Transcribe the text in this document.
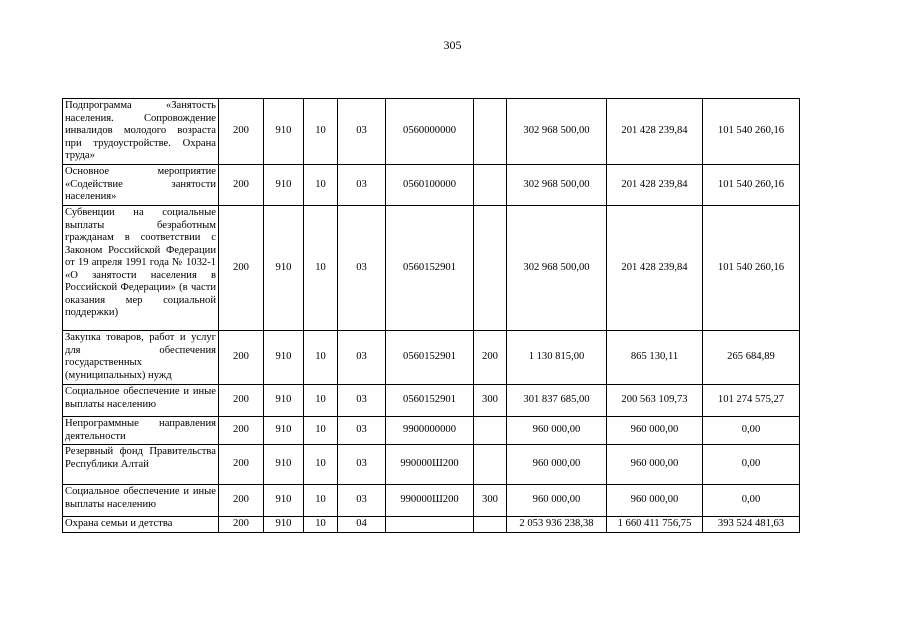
305
Подпрограмма «Занятость населения. Сопровождение инвалидов молодого возраста при трудоустройстве. Охрана труда»	200	910	10	03	0560000000		302 968 500,00	201 428 239,84	101 540 260,16
Основное мероприятие «Содействие занятости населения»	200	910	10	03	0560100000		302 968 500,00	201 428 239,84	101 540 260,16
Субвенции на социальные выплаты безработным гражданам в соответствии с Законом Российской Федерации от 19 апреля 1991 года № 1032-1 «О занятости населения в Российской Федерации» (в части оказания мер социальной поддержки)	200	910	10	03	0560152901		302 968 500,00	201 428 239,84	101 540 260,16
Закупка товаров, работ и услуг для обеспечения государственных (муниципальных) нужд	200	910	10	03	0560152901	200	1 130 815,00	865 130,11	265 684,89
Социальное обеспечение и иные выплаты населению	200	910	10	03	0560152901	300	301 837 685,00	200 563 109,73	101 274 575,27
Непрограммные направления деятельности	200	910	10	03	9900000000		960 000,00	960 000,00	0,00
Резервный фонд Правительства Республики Алтай	200	910	10	03	990000Ш200		960 000,00	960 000,00	0,00
Социальное обеспечение и иные выплаты населению	200	910	10	03	990000Ш200	300	960 000,00	960 000,00	0,00
Охрана семьи и детства	200	910	10	04			2 053 936 238,38	1 660 411 756,75	393 524 481,63
